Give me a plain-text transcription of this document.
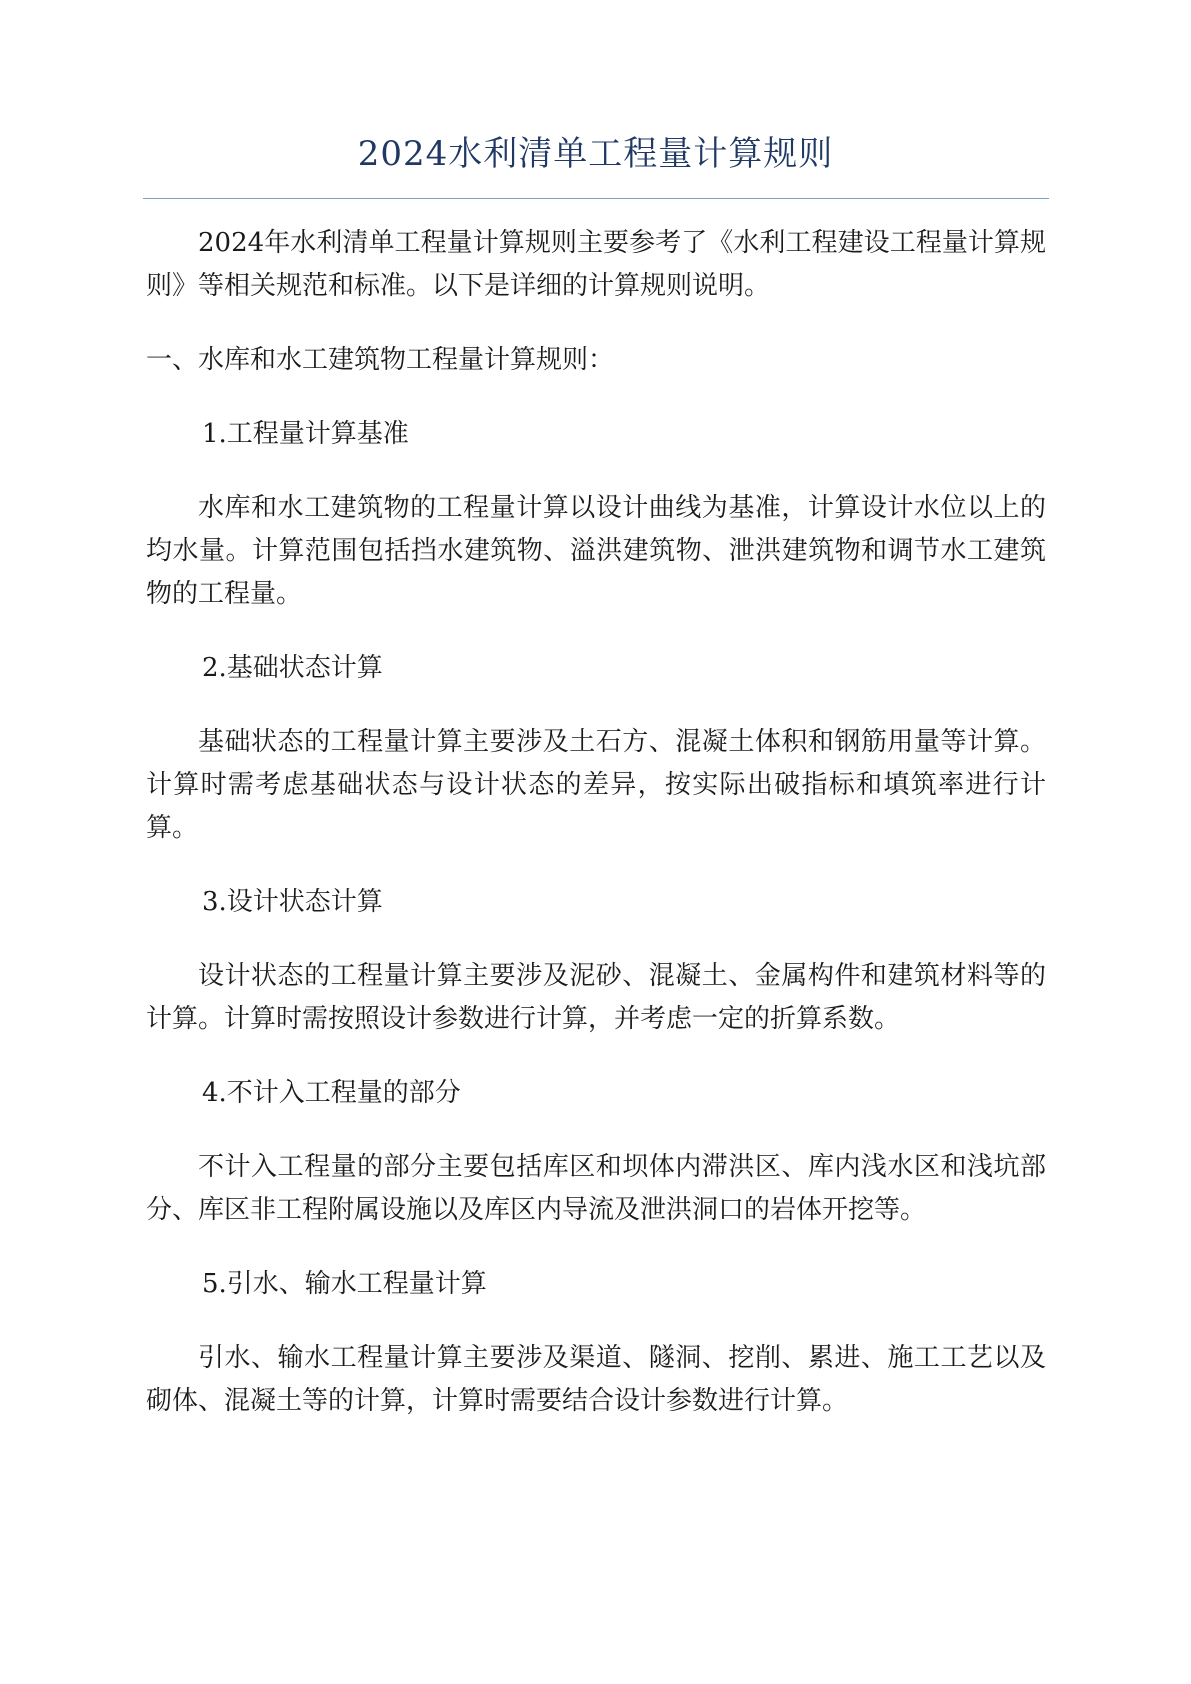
2024水利清单工程量计算规则

2024年水利清单工程量计算规则主要参考了《水利工程建设工程量计算规则》等相关规范和标准。以下是详细的计算规则说明。

一、水库和水工建筑物工程量计算规则：

1.工程量计算基准

水库和水工建筑物的工程量计算以设计曲线为基准，计算设计水位以上的均水量。计算范围包括挡水建筑物、溢洪建筑物、泄洪建筑物和调节水工建筑物的工程量。

2.基础状态计算

基础状态的工程量计算主要涉及土石方、混凝土体积和钢筋用量等计算。计算时需考虑基础状态与设计状态的差异，按实际出破指标和填筑率进行计算。

3.设计状态计算

设计状态的工程量计算主要涉及泥砂、混凝土、金属构件和建筑材料等的计算。计算时需按照设计参数进行计算，并考虑一定的折算系数。

4.不计入工程量的部分

不计入工程量的部分主要包括库区和坝体内滞洪区、库内浅水区和浅坑部分、库区非工程附属设施以及库区内导流及泄洪洞口的岩体开挖等。

5.引水、输水工程量计算

引水、输水工程量计算主要涉及渠道、隧洞、挖削、累进、施工工艺以及砌体、混凝土等的计算，计算时需要结合设计参数进行计算。
